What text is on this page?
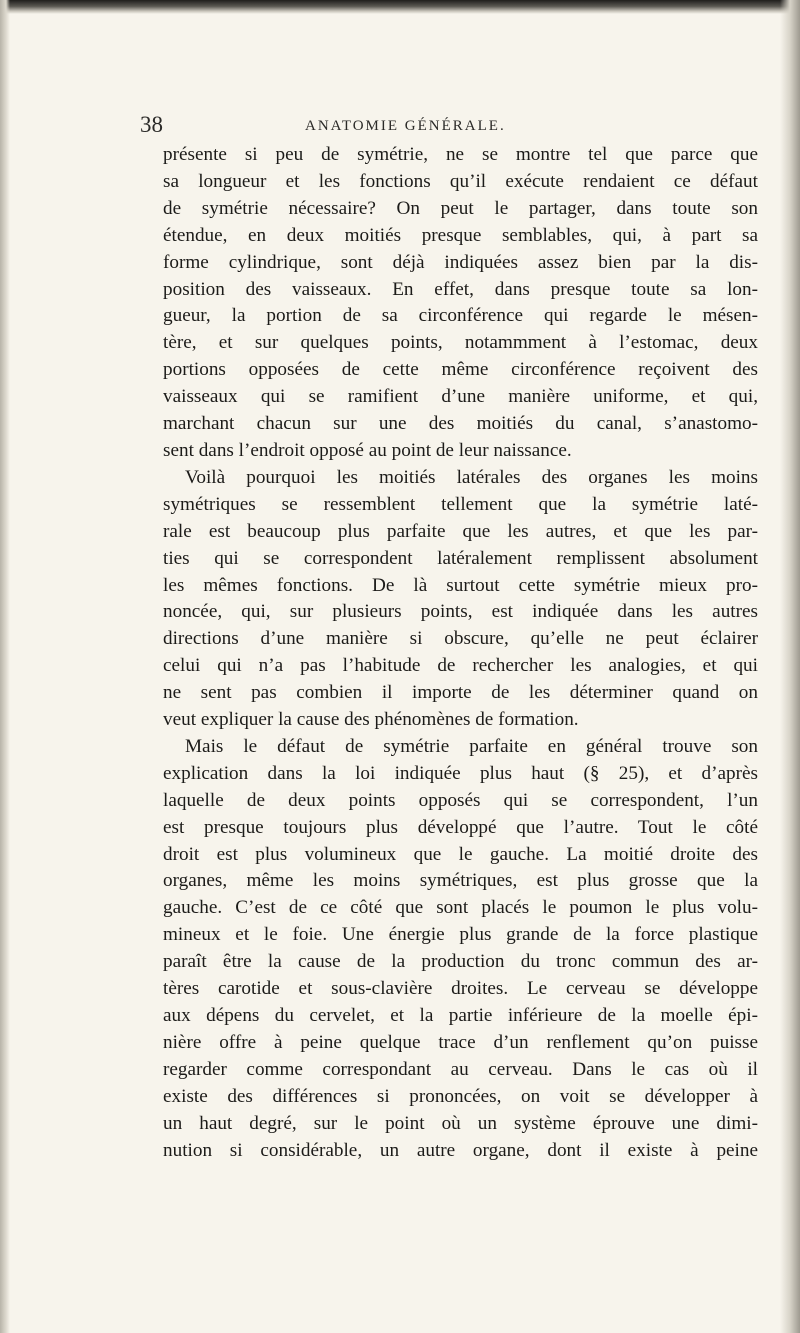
38	ANATOMIE GÉNÉRALE.
présente si peu de symétrie, ne se montre tel que parce que
sa longueur et les fonctions qu’il exécute rendaient ce défaut
de symétrie nécessaire? On peut le partager, dans toute son
étendue, en deux moitiés presque semblables, qui, à part sa
forme cylindrique, sont déjà indiquées assez bien par la dis-
position des vaisseaux. En effet, dans presque toute sa lon-
gueur, la portion de sa circonférence qui regarde le mésen-
tère, et sur quelques points, notammment à l’estomac, deux
portions opposées de cette même circonférence reçoivent des
vaisseaux qui se ramifient d’une manière uniforme, et qui,
marchant chacun sur une des moitiés du canal, s’anastomo-
sent dans l’endroit opposé au point de leur naissance.
Voilà pourquoi les moitiés latérales des organes les moins
symétriques se ressemblent tellement que la symétrie laté-
rale est beaucoup plus parfaite que les autres, et que les par-
ties qui se correspondent latéralement remplissent absolument
les mêmes fonctions. De là surtout cette symétrie mieux pro-
noncée, qui, sur plusieurs points, est indiquée dans les autres
directions d’une manière si obscure, qu’elle ne peut éclairer
celui qui n’a pas l’habitude de rechercher les analogies, et qui
ne sent pas combien il importe de les déterminer quand on
veut expliquer la cause des phénomènes de formation.
Mais le défaut de symétrie parfaite en général trouve son
explication dans la loi indiquée plus haut (§ 25), et d’après
laquelle de deux points opposés qui se correspondent, l’un
est presque toujours plus développé que l’autre. Tout le côté
droit est plus volumineux que le gauche. La moitié droite des
organes, même les moins symétriques, est plus grosse que la
gauche. C’est de ce côté que sont placés le poumon le plus volu-
mineux et le foie. Une énergie plus grande de la force plastique
paraît être la cause de la production du tronc commun des ar-
tères carotide et sous-clavière droites. Le cerveau se développe
aux dépens du cervelet, et la partie inférieure de la moelle épi-
nière offre à peine quelque trace d’un renflement qu’on puisse
regarder comme correspondant au cerveau. Dans le cas où il
existe des différences si prononcées, on voit se développer à
un haut degré, sur le point où un système éprouve une dimi-
nution si considérable, un autre organe, dont il existe à peine
